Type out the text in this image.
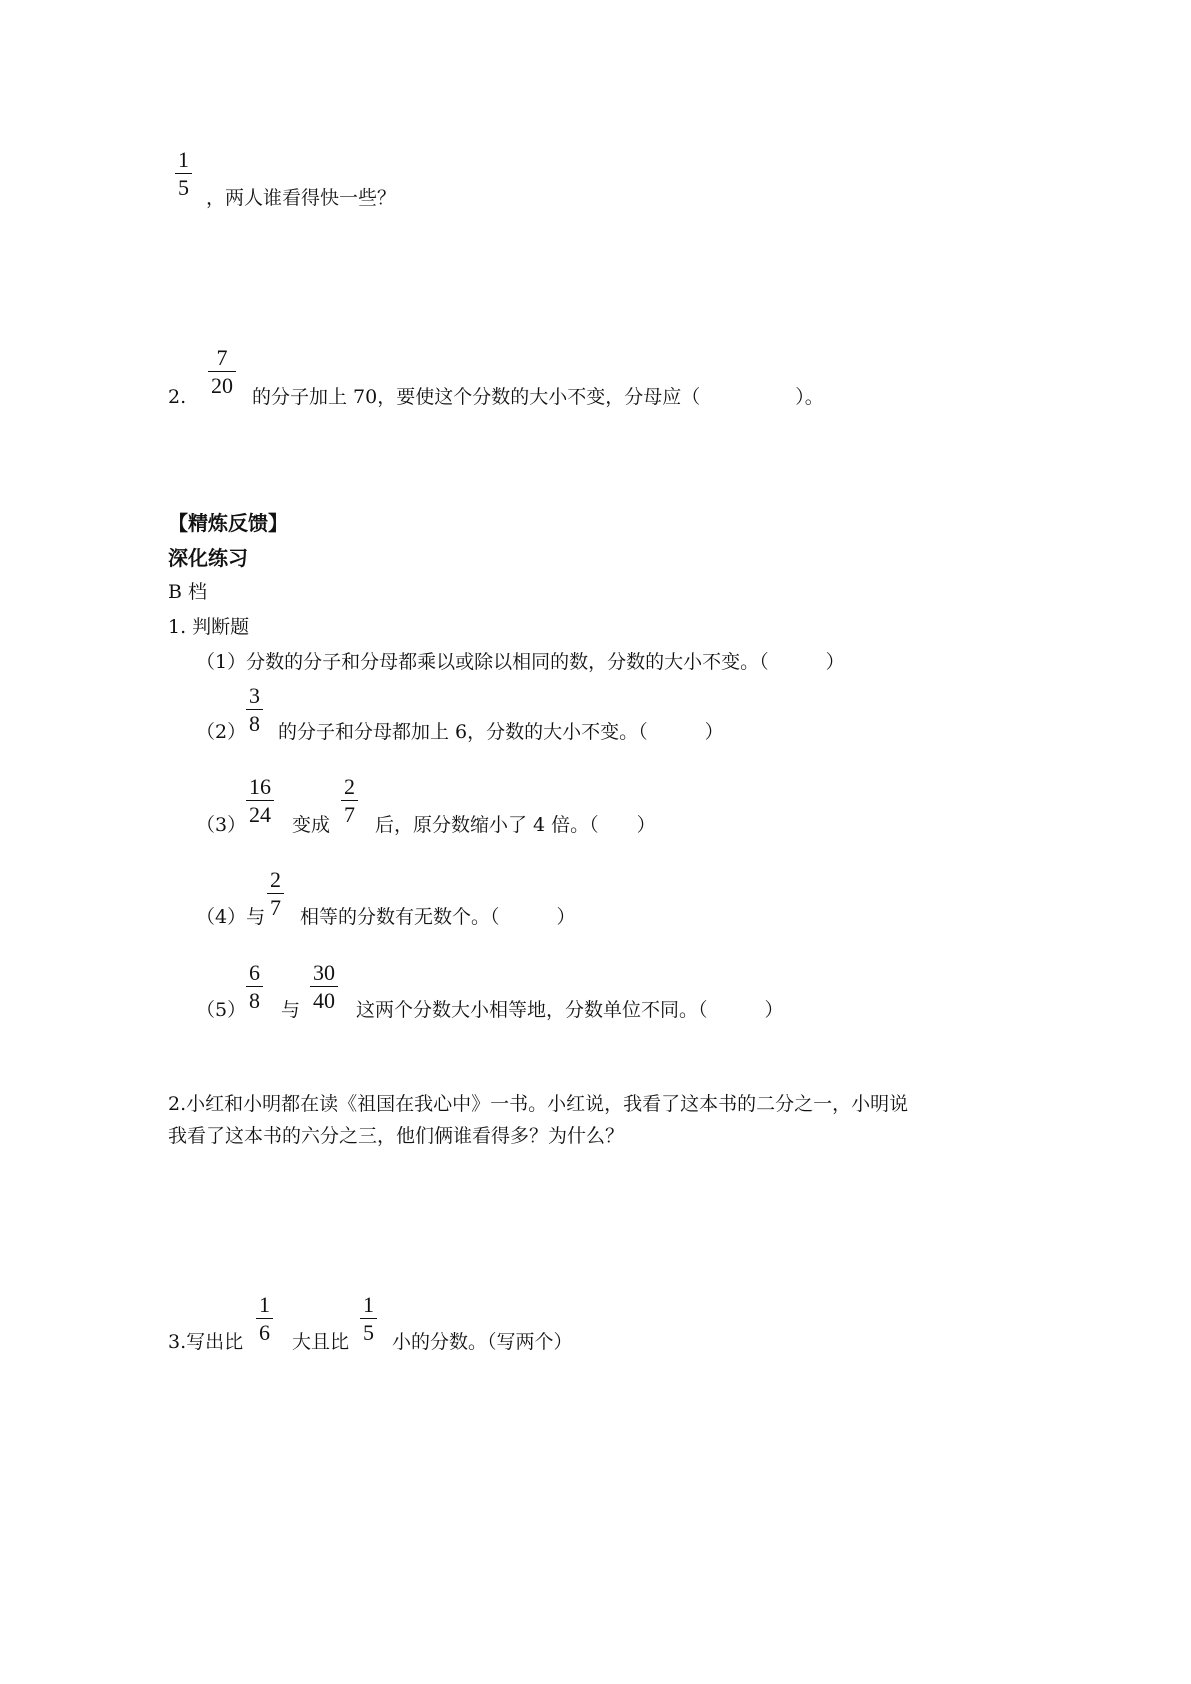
1
5 ，两人谁看得快一些？
2.
7
20 的分子加上 70，要使这个分数的大小不变，分母应（　　　　　）。
【精炼反馈】
深化练习
B 档
1. 判断题
（1）分数的分子和分母都乘以或除以相同的数，分数的大小不变。（　　　）
（2）
3
8 的分子和分母都加上 6，分数的大小不变。（　　　）
（3）
16
24 变成
2
7 后，原分数缩小了 4 倍。（　　）
（4）与
2
7 相等的分数有无数个。（　　　）
（5）
6
8 与
30
40 这两个分数大小相等地，分数单位不同。（　　　）
2.小红和小明都在读《祖国在我心中》一书。小红说，我看了这本书的二分之一，小明说
我看了这本书的六分之三，他们俩谁看得多？为什么？
3.写出比
1
6 大且比
1
5 小的分数。（写两个）
